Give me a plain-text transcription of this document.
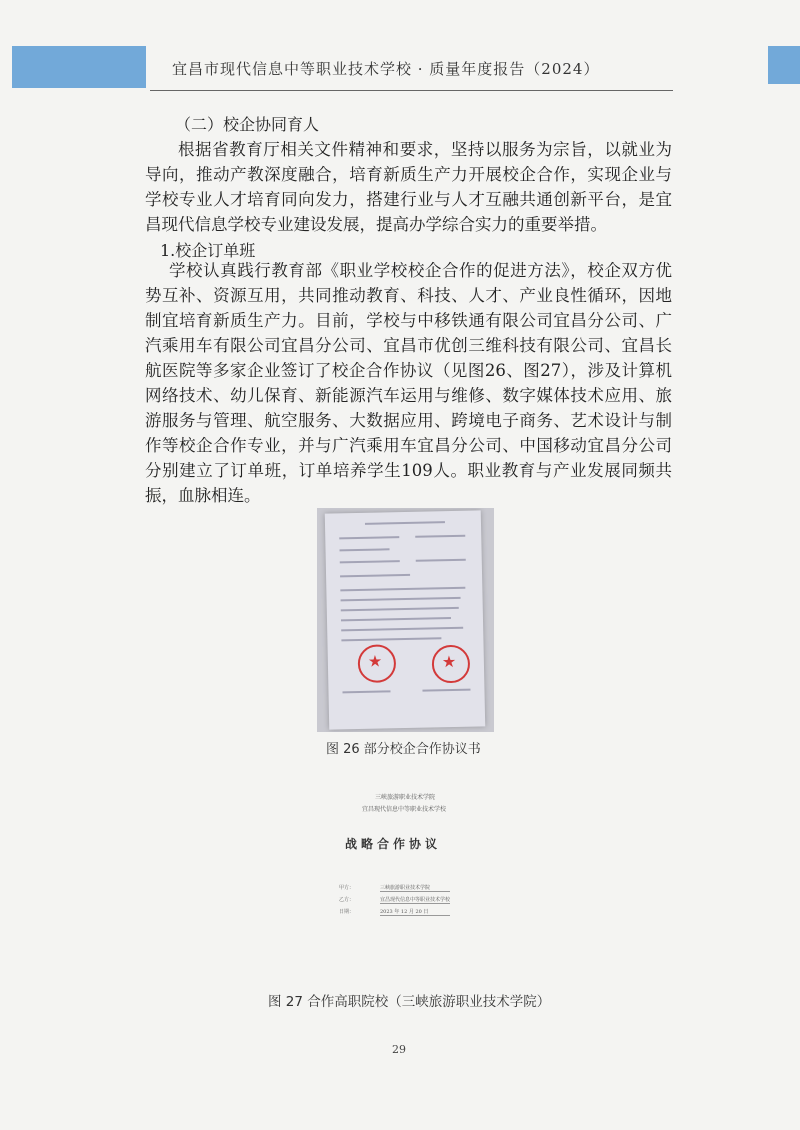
宜昌市现代信息中等职业技术学校 · 质量年度报告（2024）
（二）校企协同育人
根据省教育厅相关文件精神和要求，坚持以服务为宗旨，以就业为导向，推动产教深度融合，培育新质生产力开展校企合作，实现企业与学校专业人才培育同向发力，搭建行业与人才互融共通创新平台，是宜昌现代信息学校专业建设发展，提高办学综合实力的重要举措。
1.校企订单班
学校认真践行教育部《职业学校校企合作的促进方法》，校企双方优势互补、资源互用，共同推动教育、科技、人才、产业良性循环，因地制宜培育新质生产力。目前，学校与中移铁通有限公司宜昌分公司、广汽乘用车有限公司宜昌分公司、宜昌市优创三维科技有限公司、宜昌长航医院等多家企业签订了校企合作协议（见图26、图27），涉及计算机网络技术、幼儿保育、新能源汽车运用与维修、数字媒体技术应用、旅游服务与管理、航空服务、大数据应用、跨境电子商务、艺术设计与制作等校企合作专业，并与广汽乘用车宜昌分公司、中国移动宜昌分公司分别建立了订单班，订单培养学生109人。职业教育与产业发展同频共振，血脉相连。
★	★
图 26 部分校企合作协议书
三峡旅游职业技术学院
宜昌现代信息中等职业技术学校
战略合作协议
甲方：	三峡旅游职业技术学院
乙方：	宜昌现代信息中等职业技术学校
日期：	2023 年 12 月 20 日
图 27 合作高职院校（三峡旅游职业技术学院）
29
